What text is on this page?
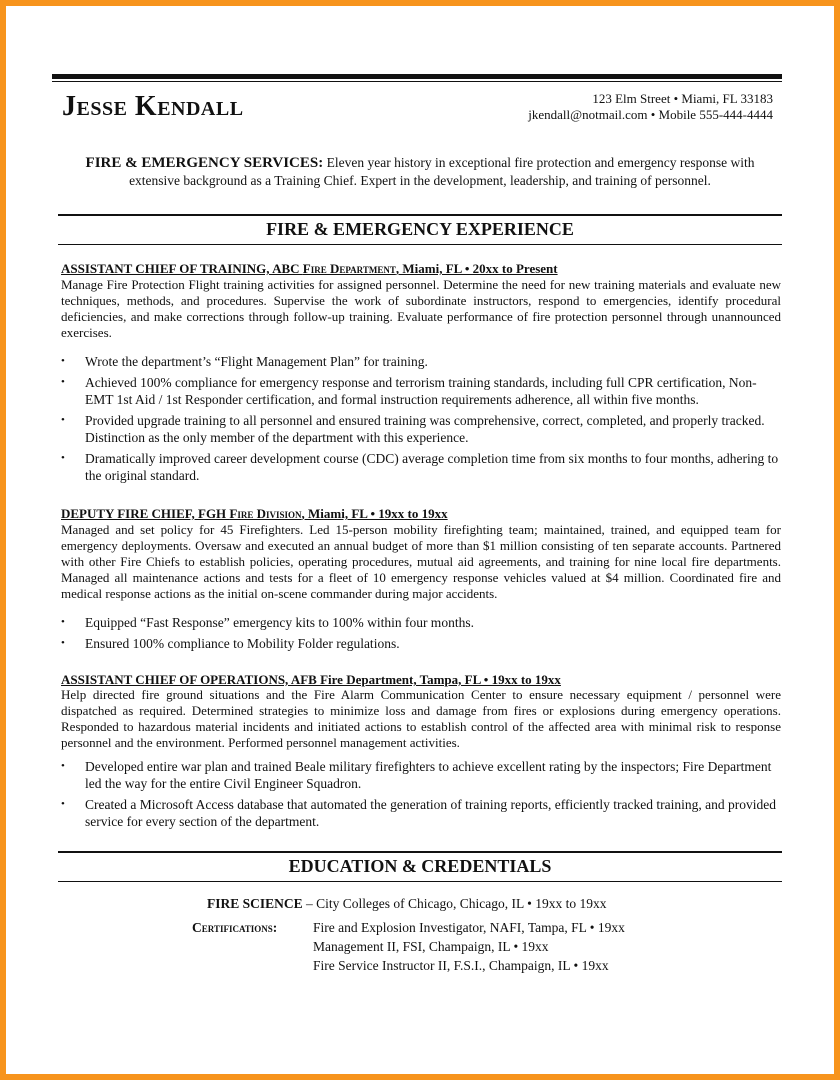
Jesse Kendall	123 Elm Street • Miami, FL 33183
jkendall@notmail.com • Mobile 555-444-4444
FIRE & EMERGENCY SERVICES: Eleven year history in exceptional fire protection and emergency response with extensive background as a Training Chief. Expert in the development, leadership, and training of personnel.
FIRE & EMERGENCY EXPERIENCE
ASSISTANT CHIEF OF TRAINING, ABC Fire Department, Miami, FL • 20xx to Present
Manage Fire Protection Flight training activities for assigned personnel. Determine the need for new training materials and evaluate new techniques, methods, and procedures. Supervise the work of subordinate instructors, respond to emergencies, identify procedural deficiencies, and make corrections through follow-up training. Evaluate performance of fire protection personnel through unannounced exercises.
• Wrote the department’s “Flight Management Plan” for training.
• Achieved 100% compliance for emergency response and terrorism training standards, including full CPR certification, Non-EMT 1st Aid / 1st Responder certification, and formal instruction requirements adherence, all within five months.
• Provided upgrade training to all personnel and ensured training was comprehensive, correct, completed, and properly tracked. Distinction as the only member of the department with this experience.
• Dramatically improved career development course (CDC) average completion time from six months to four months, adhering to the original standard.
DEPUTY FIRE CHIEF, FGH Fire Division, Miami, FL • 19xx to 19xx
Managed and set policy for 45 Firefighters. Led 15-person mobility firefighting team; maintained, trained, and equipped team for emergency deployments. Oversaw and executed an annual budget of more than $1 million consisting of ten separate accounts. Partnered with other Fire Chiefs to establish policies, operating procedures, mutual aid agreements, and training for nine local fire departments. Managed all maintenance actions and tests for a fleet of 10 emergency response vehicles valued at $4 million. Coordinated fire and medical response actions as the initial on-scene commander during major accidents.
• Equipped “Fast Response” emergency kits to 100% within four months.
• Ensured 100% compliance to Mobility Folder regulations.
ASSISTANT CHIEF OF OPERATIONS, AFB Fire Department, Tampa, FL • 19xx to 19xx
Help directed fire ground situations and the Fire Alarm Communication Center to ensure necessary equipment / personnel were dispatched as required. Determined strategies to minimize loss and damage from fires or explosions during emergency operations. Responded to hazardous material incidents and initiated actions to establish control of the affected area with minimal risk to response personnel and the environment. Performed personnel management activities.
• Developed entire war plan and trained Beale military firefighters to achieve excellent rating by the inspectors; Fire Department led the way for the entire Civil Engineer Squadron.
• Created a Microsoft Access database that automated the generation of training reports, efficiently tracked training, and provided service for every section of the department.
EDUCATION & CREDENTIALS
FIRE SCIENCE – City Colleges of Chicago, Chicago, IL • 19xx to 19xx
Certifications:	Fire and Explosion Investigator, NAFI, Tampa, FL • 19xx
Management II, FSI, Champaign, IL • 19xx
Fire Service Instructor II, F.S.I., Champaign, IL • 19xx
